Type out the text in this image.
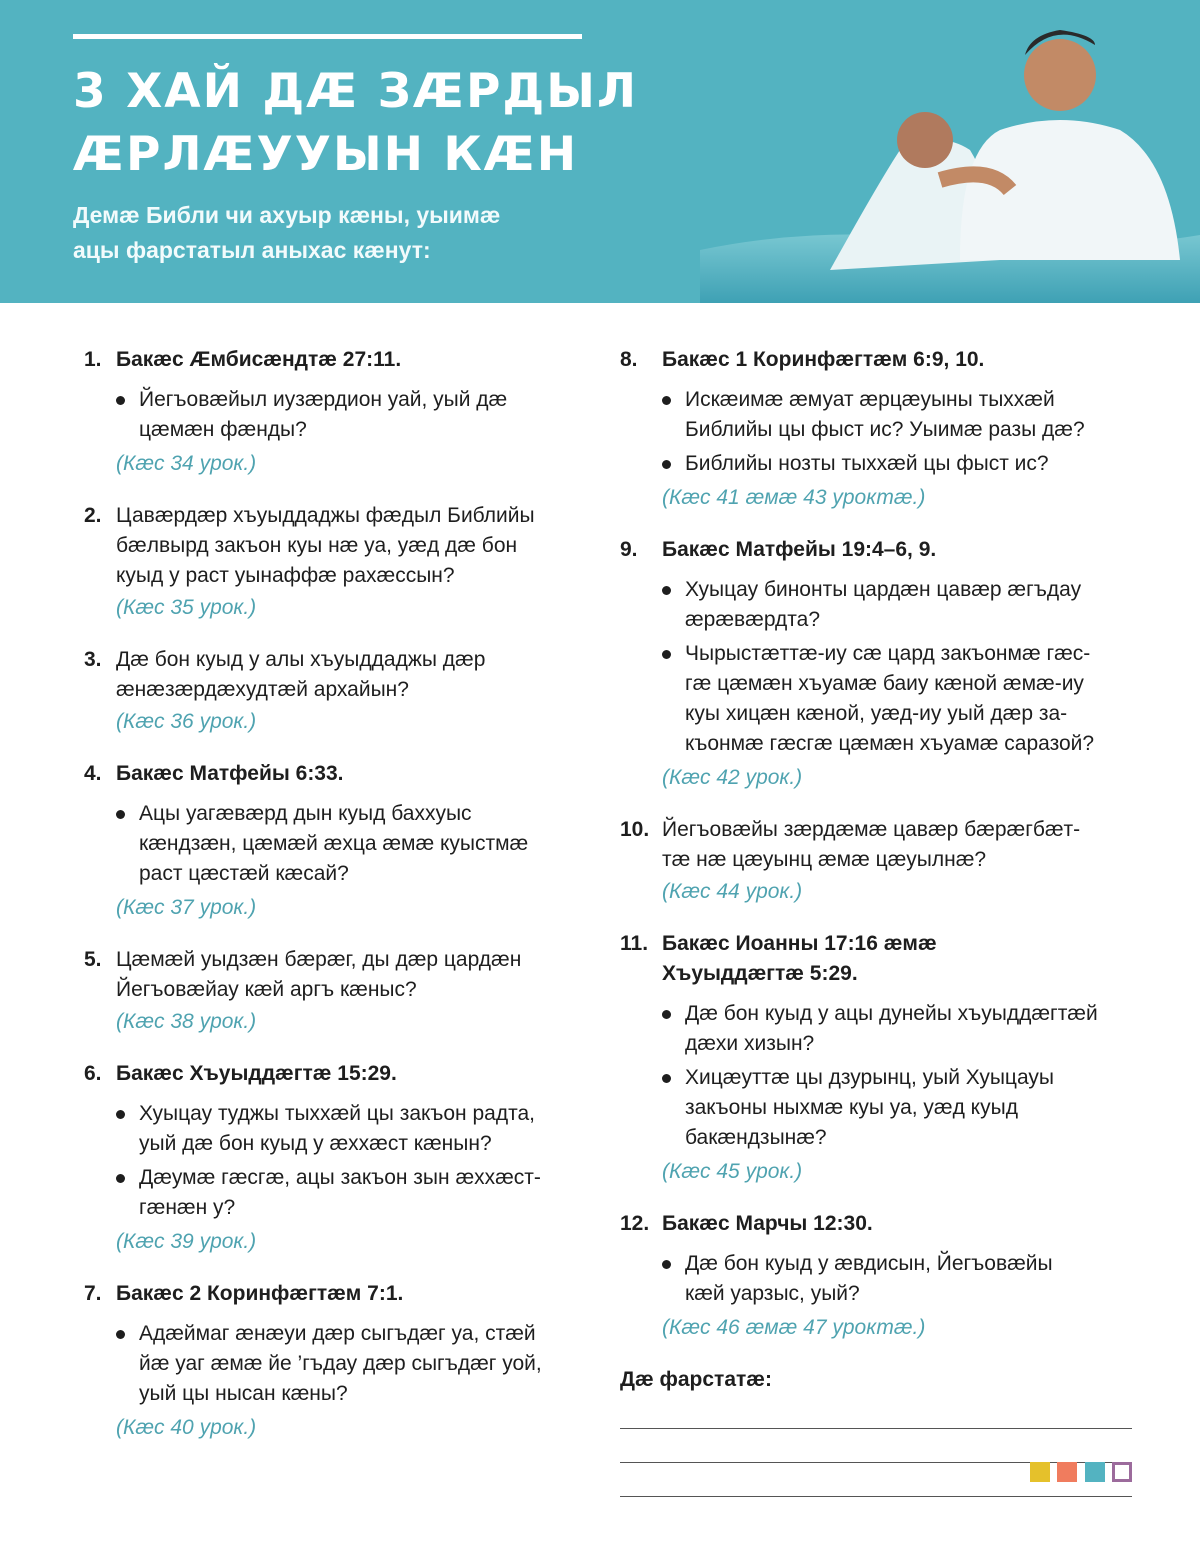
3 ХАЙ ДÆ ЗÆРДЫЛ
ÆРЛÆУУЫН КÆН
Демæ Библи чи ахуыр кæны, уыимæ
ацы фарстатыл аныхас кæнут:
1. Бакæс Æмбисæндтæ 27:11.
Йегъовæйыл иузæрдион уай, уый дæ
цæмæн фæнды?
(Кæс 34 урок.)
2. Цавæрдæр хъуыддаджы фæдыл Библийы
бæлвырд закъон куы нæ уа, уæд дæ бон
куыд у раст уынаффæ рахæссын?
(Кæс 35 урок.)
3. Дæ бон куыд у алы хъуыддаджы дæр
æнæзæрдæхудтæй архайын?
(Кæс 36 урок.)
4. Бакæс Матфейы 6:33.
Ацы уагæвæрд дын куыд баххуыс
кæндзæн, цæмæй æхца æмæ куыстмæ
раст цæстæй кæсай?
(Кæс 37 урок.)
5. Цæмæй уыдзæн бæрæг, ды дæр цардæн
Йегъовæйау кæй аргъ кæныс?
(Кæс 38 урок.)
6. Бакæс Хъуыддæгтæ 15:29.
Хуыцау туджы тыххæй цы закъон радта,
уый дæ бон куыд у æххæст кæнын?
Дæумæ гæсгæ, ацы закъон зын æххæст-
гæнæн у?
(Кæс 39 урок.)
7. Бакæс 2 Коринфæгтæм 7:1.
Адæймаг æнæуи дæр сыгъдæг уа, стæй
йæ уаг æмæ йе ’гъдау дæр сыгъдæг уой,
уый цы нысан кæны?
(Кæс 40 урок.)
8. Бакæс 1 Коринфæгтæм 6:9, 10.
Искæимæ æмуат æрцæуыны тыххæй
Библийы цы фыст ис? Уыимæ разы дæ?
Библийы нозты тыххæй цы фыст ис?
(Кæс 41 æмæ 43 уроктæ.)
9. Бакæс Матфейы 19:4–6, 9.
Хуыцау бинонты цардæн цавæр æгъдау
æрæвæрдта?
Чырыстæттæ-иу сæ цард закъонмæ гæс-
гæ цæмæн хъуамæ баиу кæной æмæ-иу
куы хицæн кæной, уæд-иу уый дæр за-
къонмæ гæсгæ цæмæн хъуамæ саразой?
(Кæс 42 урок.)
10. Йегъовæйы зæрдæмæ цавæр бæрæгбæт-
тæ нæ цæуынц æмæ цæуылнæ?
(Кæс 44 урок.)
11. Бакæс Иоанны 17:16 æмæ
Хъуыддæгтæ 5:29.
Дæ бон куыд у ацы дунейы хъуыддæгтæй
дæхи хизын?
Хицæуттæ цы дзурынц, уый Хуыцауы
закъоны ныхмæ куы уа, уæд куыд
бакæндзынæ?
(Кæс 45 урок.)
12. Бакæс Марчы 12:30.
Дæ бон куыд у æвдисын, Йегъовæйы
кæй уарзыс, уый?
(Кæс 46 æмæ 47 уроктæ.)
Дæ фарстатæ:
